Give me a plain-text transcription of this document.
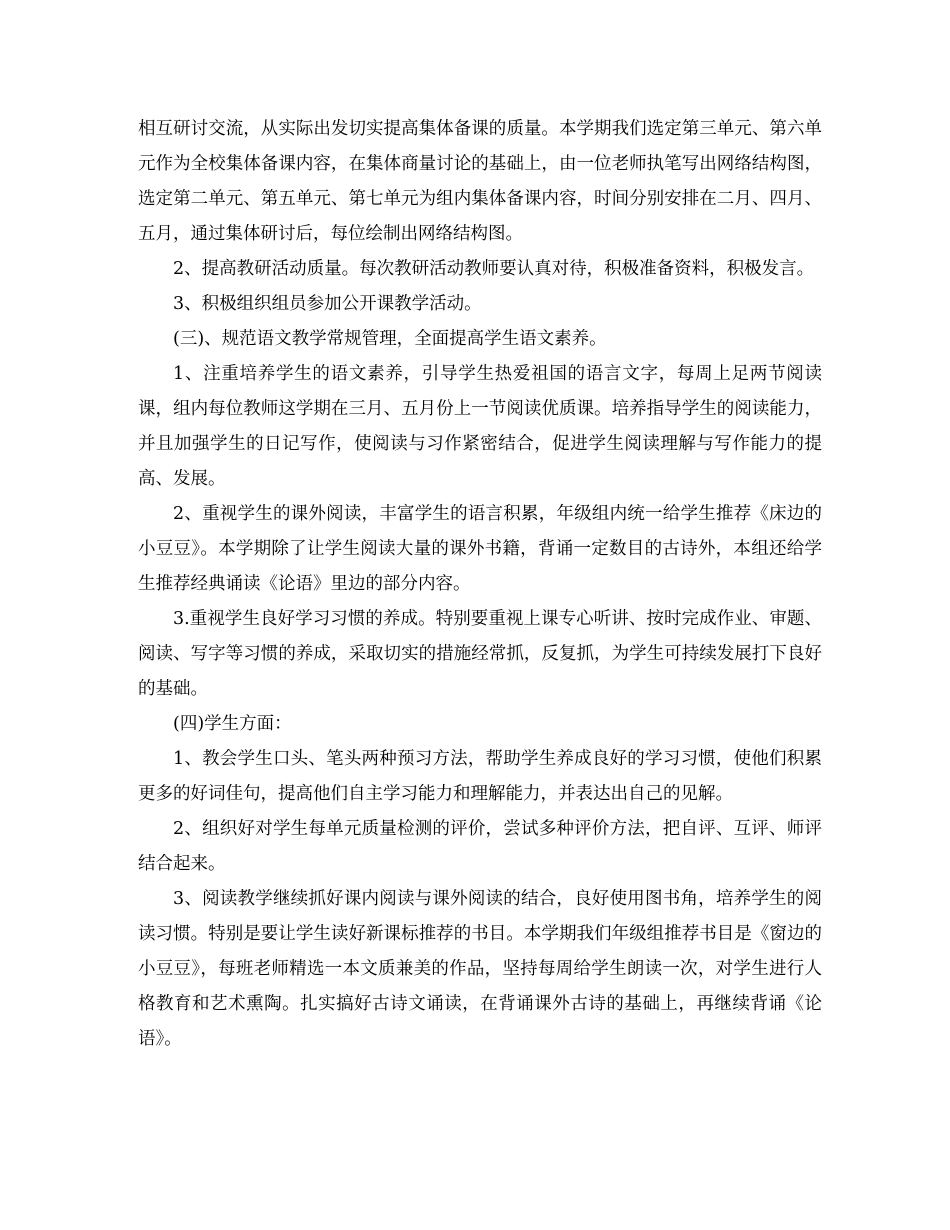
相互研讨交流，从实际出发切实提高集体备课的质量。本学期我们选定第三单元、第六单元作为全校集体备课内容，在集体商量讨论的基础上，由一位老师执笔写出网络结构图，选定第二单元、第五单元、第七单元为组内集体备课内容，时间分别安排在二月、四月、五月，通过集体研讨后，每位绘制出网络结构图。

2、提高教研活动质量。每次教研活动教师要认真对待，积极准备资料，积极发言。

3、积极组织组员参加公开课教学活动。

(三)、规范语文教学常规管理，全面提高学生语文素养。

1、注重培养学生的语文素养，引导学生热爱祖国的语言文字，每周上足两节阅读课，组内每位教师这学期在三月、五月份上一节阅读优质课。培养指导学生的阅读能力，并且加强学生的日记写作，使阅读与习作紧密结合，促进学生阅读理解与写作能力的提高、发展。

2、重视学生的课外阅读，丰富学生的语言积累，年级组内统一给学生推荐《床边的小豆豆》。本学期除了让学生阅读大量的课外书籍，背诵一定数目的古诗外，本组还给学生推荐经典诵读《论语》里边的部分内容。

3.重视学生良好学习习惯的养成。特别要重视上课专心听讲、按时完成作业、审题、阅读、写字等习惯的养成，采取切实的措施经常抓，反复抓，为学生可持续发展打下良好的基础。

(四)学生方面：

1、教会学生口头、笔头两种预习方法，帮助学生养成良好的学习习惯，使他们积累更多的好词佳句，提高他们自主学习能力和理解能力，并表达出自己的见解。

2、组织好对学生每单元质量检测的评价，尝试多种评价方法，把自评、互评、师评结合起来。

3、阅读教学继续抓好课内阅读与课外阅读的结合，良好使用图书角，培养学生的阅读习惯。特别是要让学生读好新课标推荐的书目。本学期我们年级组推荐书目是《窗边的小豆豆》，每班老师精选一本文质兼美的作品，坚持每周给学生朗读一次，对学生进行人格教育和艺术熏陶。扎实搞好古诗文诵读，在背诵课外古诗的基础上，再继续背诵《论语》。
